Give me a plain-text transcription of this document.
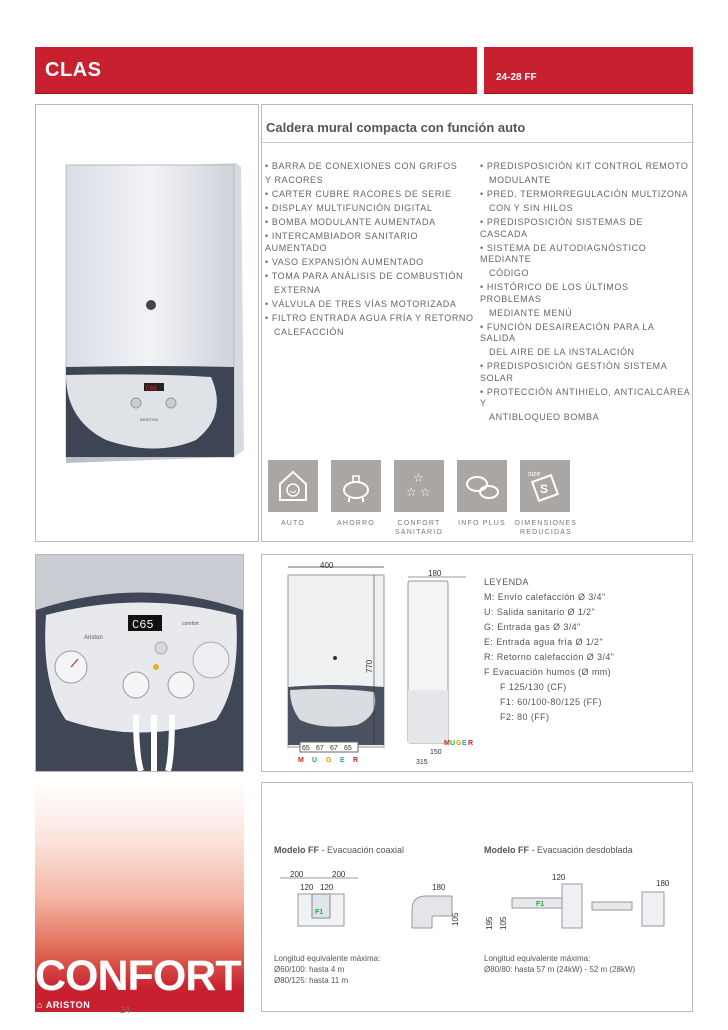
CLAS	24-28 FF
C65
ARISTON
Caldera mural compacta con función auto
• BARRA DE CONEXIONES CON GRIFOS
Y RACORES
• CARTER CUBRE RACORES DE SERIE
• DISPLAY MULTIFUNCIÓN DIGITAL
• BOMBA MODULANTE AUMENTADA
• INTERCAMBIADOR SANITARIO AUMENTADO
• VASO EXPANSIÓN AUMENTADO
• TOMA PARA ANÁLISIS DE COMBUSTIÓN
EXTERNA
• VÁLVULA DE TRES VÍAS MOTORIZADA
• FILTRO ENTRADA AGUA FRÍA Y RETORNO
CALEFACCIÓN
• PREDISPOSICIÓN KIT CONTROL REMOTO
MODULANTE
• PRED. TERMORREGULACIÓN MULTIZONA
CON Y SIN HILOS
• PREDISPOSICIÓN SISTEMAS DE CASCADA
• SISTEMA DE AUTODIAGNÓSTICO MEDIANTE
CÓDIGO
• HISTÓRICO DE LOS ÚLTIMOS PROBLEMAS
MEDIANTE MENÚ
• FUNCIÓN DESAIREACIÓN PARA LA SALIDA
DEL AIRE DE LA INSTALACIÓN
• PREDISPOSICIÓN GESTIÓN SISTEMA SOLAR
• PROTECCIÓN ANTIHIELO, ANTICALCÁREA Y
ANTIBLOQUEO BOMBA
☆
☆ ☆	S
size
AUTO	AHORRO	CONFORT
SANITARIO
INFO PLUS	DIMENSIONES
REDUCIDAS
C65
Ariston
comfort
400
770
65 67 67 65
M U G E R
180
M U G E R
150
315
LEYENDA
M: Envío calefacción Ø 3/4"
U: Salida sanitario Ø 1/2"
G: Entrada gas Ø 3/4"
E: Entrada agua fría Ø 1/2"
R: Retorno calefacción Ø 3/4"
F Evacuación humos (Ø mm)
F 125/130 (CF)
F1: 60/100-80/125 (FF)
F2: 80 (FF)
CONFORT
⌂ ARISTON	24
Modelo FF - Evacuación coaxial	Modelo FF - Evacuación desdoblada
200	200
120 120
F1
180
105
120
180
195 105
F1
Longitud equivalente máxima:
Ø60/100: hasta 4 m
Ø80/125: hasta 11 m
Longitud equivalente máxima:
Ø80/80: hasta 57 m (24kW) - 52 m (28kW)
